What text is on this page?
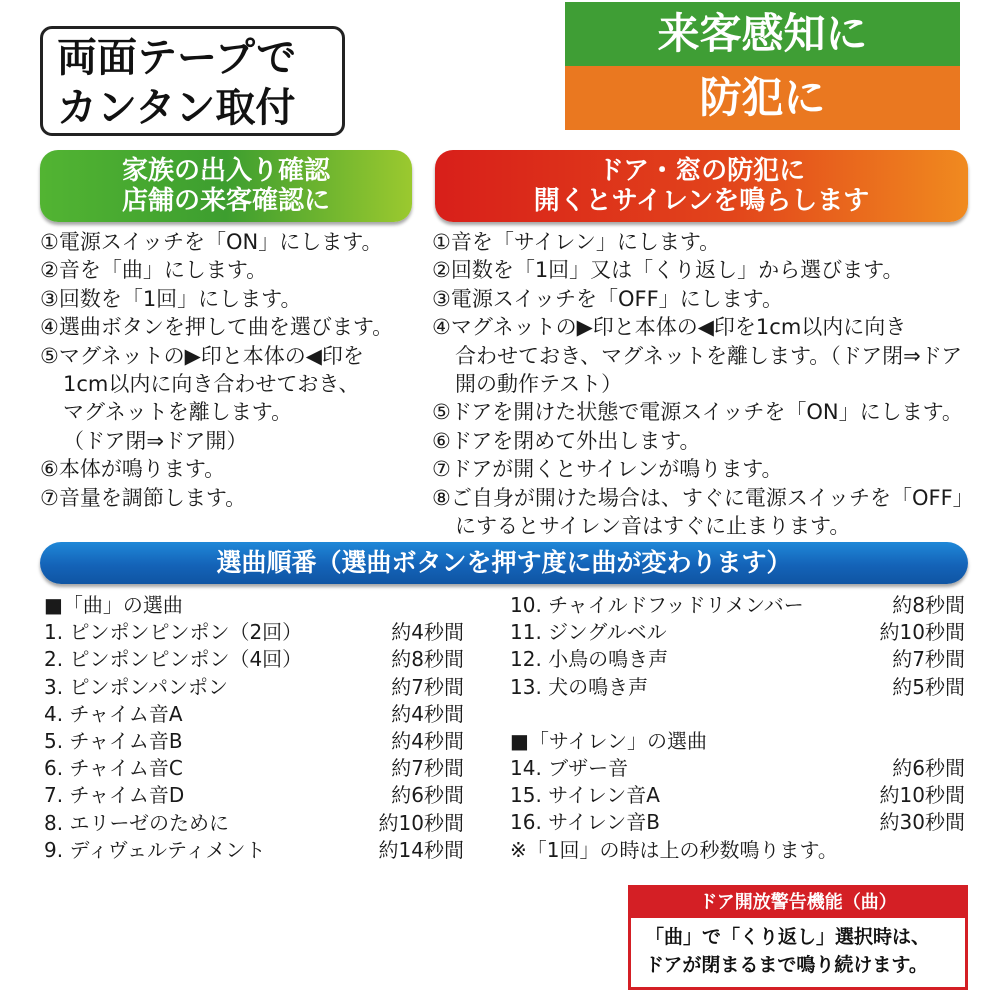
両面テープで
カンタン取付
来客感知に
防犯に
家族の出入り確認
店舗の来客確認に
ドア・窓の防犯に
開くとサイレンを鳴らします
①電源スイッチを「ON」にします。
②音を「曲」にします。
③回数を「1回」にします。
④選曲ボタンを押して曲を選びます。
⑤マグネットの▶印と本体の◀印を
1cm以内に向き合わせておき、
マグネットを離します。
（ドア閉⇒ドア開）
⑥本体が鳴ります。
⑦音量を調節します。
①音を「サイレン」にします。
②回数を「1回」又は「くり返し」から選びます。
③電源スイッチを「OFF」にします。
④マグネットの▶印と本体の◀印を1cm以内に向き
合わせておき、マグネットを離します。（ドア閉⇒ドア
開の動作テスト）
⑤ドアを開けた状態で電源スイッチを「ON」にします。
⑥ドアを閉めて外出します。
⑦ドアが開くとサイレンが鳴ります。
⑧ご自身が開けた場合は、すぐに電源スイッチを「OFF」
にするとサイレン音はすぐに止まります。
選曲順番（選曲ボタンを押す度に曲が変わります）
■「曲」の選曲
1. ピンポンピンポン（2回）	約4秒間
2. ピンポンピンポン（4回）	約8秒間
3. ピンポンパンポン	約7秒間
4. チャイム音A	約4秒間
5. チャイム音B	約4秒間
6. チャイム音C	約7秒間
7. チャイム音D	約6秒間
8. エリーゼのために	約10秒間
9. ディヴェルティメント	約14秒間
10. チャイルドフッドリメンバー	約8秒間
11. ジングルベル	約10秒間
12. 小鳥の鳴き声	約7秒間
13. 犬の鳴き声	約5秒間
■「サイレン」の選曲
14. ブザー音	約6秒間
15. サイレン音A	約10秒間
16. サイレン音B	約30秒間
※「1回」の時は上の秒数鳴ります。
ドア開放警告機能（曲）
「曲」で「くり返し」選択時は、
ドアが閉まるまで鳴り続けます。
